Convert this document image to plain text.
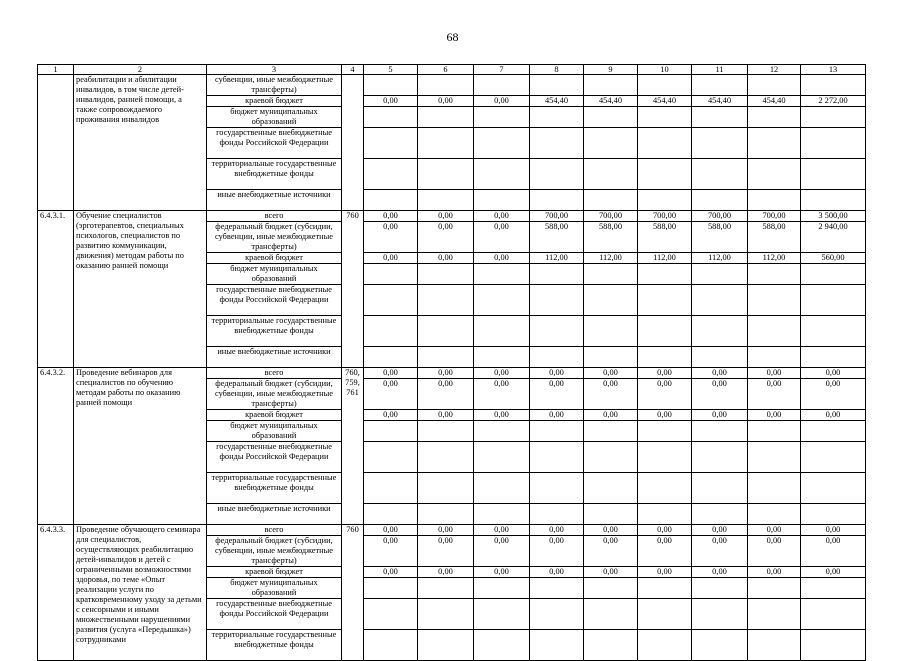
68
1	2	3	4	5	6	7	8	9	10	11	12	13
	реабилитации и абилитации инвалидов, в том числе детей-инвалидов, ранней помощи, а также сопровождаемого проживания инвалидов	субвенции, иные межбюджетные трансферты)										
		краевой бюджет		0,00	0,00	0,00	454,40	454,40	454,40	454,40	454,40	2 272,00
		бюджет муниципальных образований										
		государственные внебюджетные фонды Российской Федерации										
		территориальные государственные внебюджетные фонды										
		иные внебюджетные источники										
6.4.3.1.	Обучение специалистов (эрготерапевтов, специальных психологов, специалистов по развитию коммуникации, движения) методам работы по оказанию ранней помощи	всего	760	0,00	0,00	0,00	700,00	700,00	700,00	700,00	700,00	3 500,00
		федеральный бюджет (субсидии, субвенции, иные межбюджетные трансферты)		0,00	0,00	0,00	588,00	588,00	588,00	588,00	588,00	2 940,00
		краевой бюджет		0,00	0,00	0,00	112,00	112,00	112,00	112,00	112,00	560,00
		бюджет муниципальных образований										
		государственные внебюджетные фонды Российской Федерации										
		территориальные государственные внебюджетные фонды										
		иные внебюджетные источники										
6.4.3.2.	Проведение вебинаров для специалистов по обучению методам работы по оказанию ранней помощи	всего	760, 759, 761	0,00	0,00	0,00	0,00	0,00	0,00	0,00	0,00	0,00
		федеральный бюджет (субсидии, субвенции, иные межбюджетные трансферты)		0,00	0,00	0,00	0,00	0,00	0,00	0,00	0,00	0,00
		краевой бюджет		0,00	0,00	0,00	0,00	0,00	0,00	0,00	0,00	0,00
		бюджет муниципальных образований										
		государственные внебюджетные фонды Российской Федерации										
		территориальные государственные внебюджетные фонды										
		иные внебюджетные источники										
6.4.3.3.	Проведение обучающего семинара для специалистов, осуществляющих реабилитацию детей-инвалидов и детей с ограниченными возможностями здоровья, по теме «Опыт реализации услуги по кратковременному уходу за детьми с сенсорными и иными множественными нарушениями развития (услуга «Передышка») сотрудниками	всего	760	0,00	0,00	0,00	0,00	0,00	0,00	0,00	0,00	0,00
		федеральный бюджет (субсидии, субвенции, иные межбюджетные трансферты)		0,00	0,00	0,00	0,00	0,00	0,00	0,00	0,00	0,00
		краевой бюджет		0,00	0,00	0,00	0,00	0,00	0,00	0,00	0,00	0,00
		бюджет муниципальных образований										
		государственные внебюджетные фонды Российской Федерации										
		территориальные государственные внебюджетные фонды										
